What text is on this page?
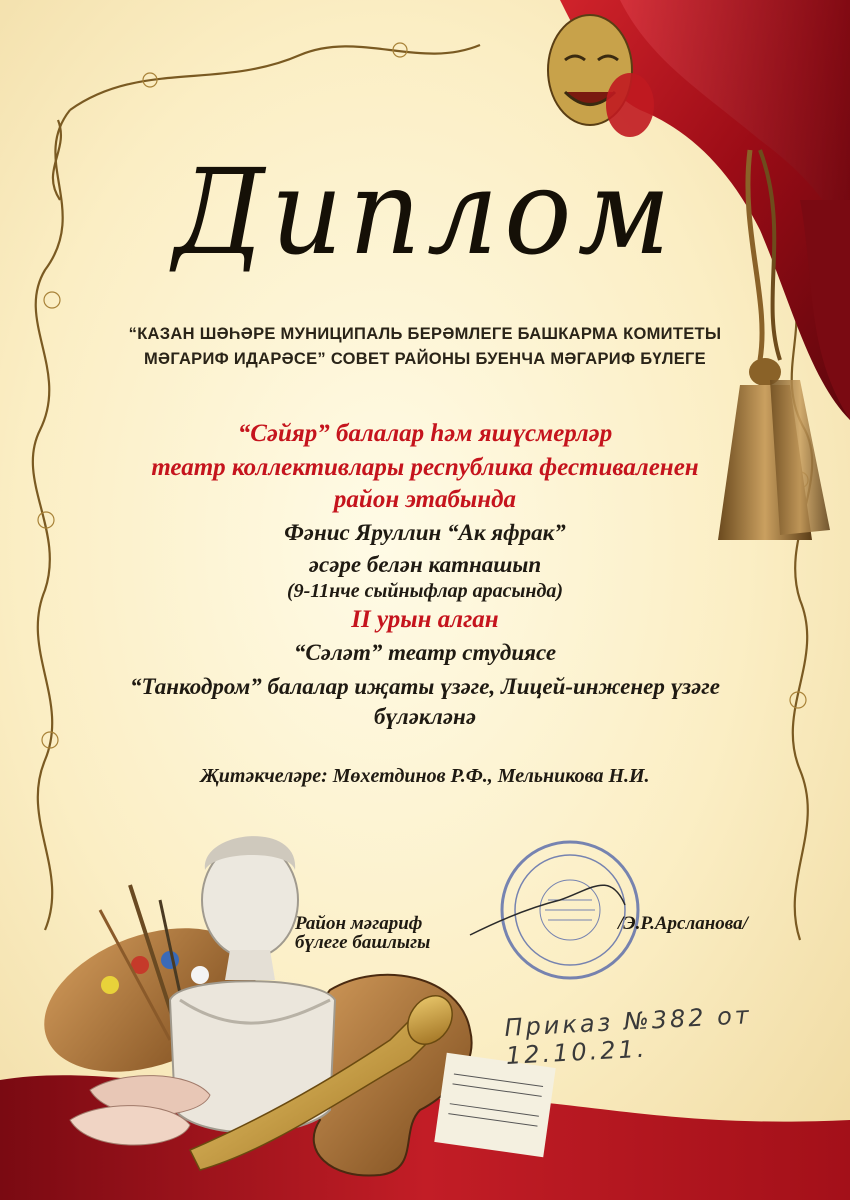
Диплом
“КАЗАН ШӘҺӘРЕ МУНИЦИПАЛЬ БЕРӘМЛЕГЕ БАШКАРМА КОМИТЕТЫ
МӘГАРИФ ИДАРӘСЕ” СОВЕТ РАЙОНЫ БУЕНЧА МӘГАРИФ БҮЛЕГЕ
“Сәйяр” балалар һәм яшүсмерләр
театр коллективлары республика фестиваленен
район этабында
Фәнис Яруллин “Ак яфрак”
әсәре белән катнашып
(9-11нче сыйныфлар арасында)
II урын алган
“Сәләт” театр студиясе
“Танкодром” балалар иҗаты үзәге, Лицей-инженер үзәге
бүләкләнә
Җитәкчеләре: Мөхетдинов Р.Ф., Мельникова Н.И.
Район мәгариф
бүлеге башлыгы
/Э.Р.Арсланова/
Приказ №382 от 12.10.21.
